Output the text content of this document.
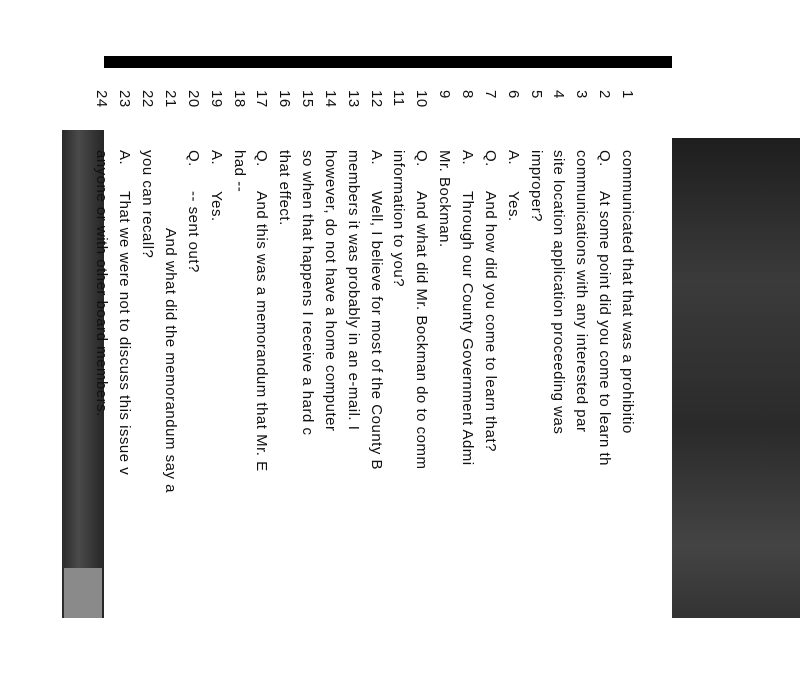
1
communicated that that was a prohibitio
2
Q.
At some point did you come to learn th
3
communications with any interested par
4
site location application proceeding was
5
improper?
6
A.
Yes.
7
Q.
And how did you come to learn that?
8
A.
Through our County Government Admi
9
Mr. Bockman.
10
Q.
And what did Mr. Bockman do to comm
11
information to you?
12
A.
Well, I believe for most of the County B
13
members it was probably in an e-mail. I
14
however, do not have a home computer
15
so when that happens I receive a hard c
16
that effect.
17
Q.
And this was a memorandum that Mr. E
18
had --
19
A.
Yes.
20
Q.
-- sent out?
21
And what did the memorandum say a
22
you can recall?
23
A.
That we were not to discuss this issue v
24
anyone or with other board members.
